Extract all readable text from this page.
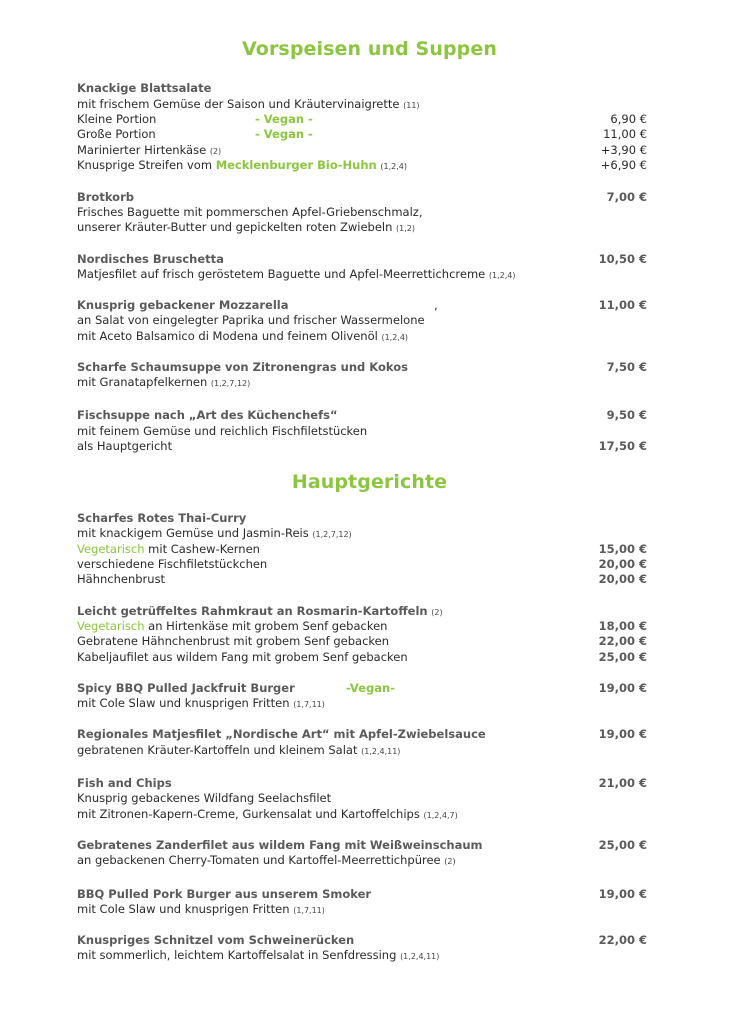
Vorspeisen und Suppen
Knackige Blattsalate
mit frischem Gemüse der Saison und Kräutervinaigrette (11)
Kleine Portion	- Vegan -	6,90 €
Große Portion	- Vegan -	11,00 €
Marinierter Hirtenkäse (2)	+3,90 €
Knusprige Streifen vom Mecklenburger Bio-Huhn (1,2,4)	+6,90 €
Brotkorb	7,00 €
Frisches Baguette mit pommerschen Apfel-Griebenschmalz,
unserer Kräuter-Butter und gepickelten roten Zwiebeln (1,2)
Nordisches Bruschetta	10,50 €
Matjesfilet auf frisch geröstetem Baguette und Apfel-Meerrettichcreme (1,2,4)
Knusprig gebackener Mozzarella	,	11,00 €
an Salat von eingelegter Paprika und frischer Wassermelone
mit Aceto Balsamico di Modena und feinem Olivenöl (1,2,4)
Scharfe Schaumsuppe von Zitronengras und Kokos	7,50 €
mit Granatapfelkernen (1,2,7,12)
Fischsuppe nach „Art des Küchenchefs“	9,50 €
mit feinem Gemüse und reichlich Fischfiletstücken
als Hauptgericht	17,50 €
Hauptgerichte
Scharfes Rotes Thai-Curry
mit knackigem Gemüse und Jasmin-Reis (1,2,7,12)
Vegetarisch mit Cashew-Kernen	15,00 €
verschiedene Fischfiletstückchen	20,00 €
Hähnchenbrust	20,00 €
Leicht getrüffeltes Rahmkraut an Rosmarin-Kartoffeln (2)
Vegetarisch an Hirtenkäse mit grobem Senf gebacken	18,00 €
Gebratene Hähnchenbrust mit grobem Senf gebacken	22,00 €
Kabeljaufilet aus wildem Fang mit grobem Senf gebacken	25,00 €
Spicy BBQ Pulled Jackfruit Burger	-Vegan-	19,00 €
mit Cole Slaw und knusprigen Fritten (1,7,11)
Regionales Matjesfilet „Nordische Art“ mit Apfel-Zwiebelsauce	19,00 €
gebratenen Kräuter-Kartoffeln und kleinem Salat (1,2,4,11)
Fish and Chips	21,00 €
Knusprig gebackenes Wildfang Seelachsfilet
mit Zitronen-Kapern-Creme, Gurkensalat und Kartoffelchips (1,2,4,7)
Gebratenes Zanderfilet aus wildem Fang mit Weißweinschaum	25,00 €
an gebackenen Cherry-Tomaten und Kartoffel-Meerrettichpüree (2)
BBQ Pulled Pork Burger aus unserem Smoker	19,00 €
mit Cole Slaw und knusprigen Fritten (1,7,11)
Knuspriges Schnitzel vom Schweinerücken	22,00 €
mit sommerlich, leichtem Kartoffelsalat in Senfdressing (1,2,4,11)
